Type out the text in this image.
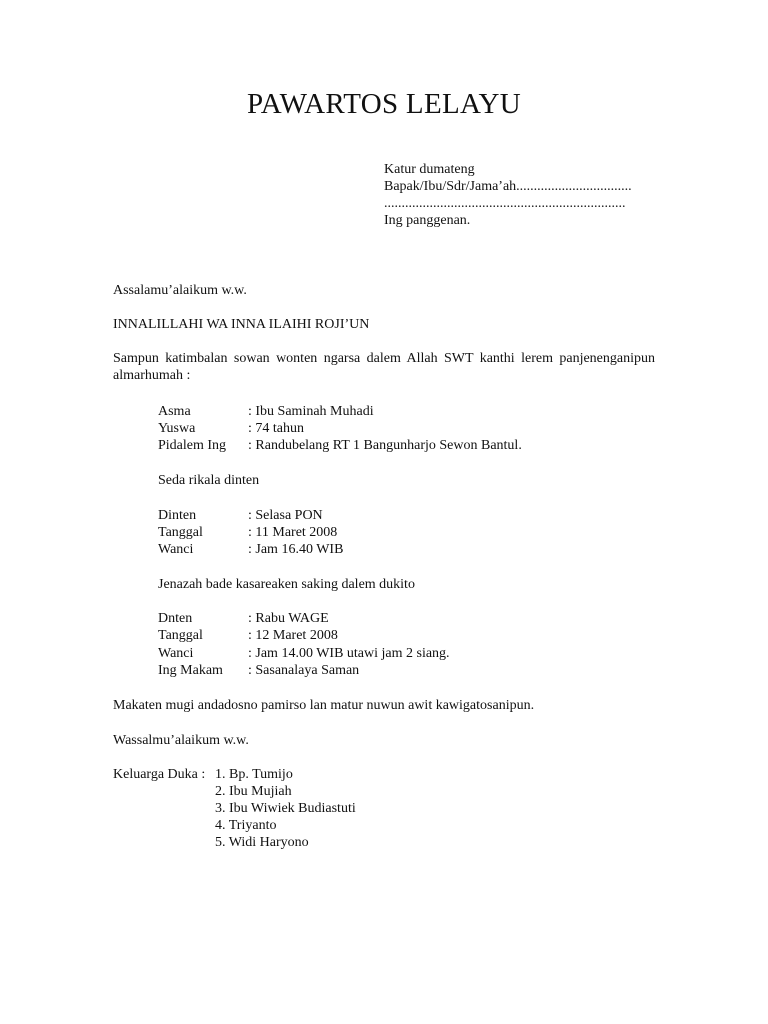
PAWARTOS LELAYU
Katur dumateng
Bapak/Ibu/Sdr/Jama’ah.................................
.....................................................................
Ing panggenan.
Assalamu’alaikum w.w.
INNALILLAHI WA INNA ILAIHI ROJI’UN
Sampun katimbalan sowan wonten ngarsa dalem Allah SWT kanthi lerem panjenenganipun almarhumah :
Asma	: Ibu Saminah Muhadi
Yuswa	: 74 tahun
Pidalem Ing : Randubelang RT 1 Bangunharjo Sewon Bantul.
Seda rikala dinten
Dinten	: Selasa PON
Tanggal	: 11 Maret 2008
Wanci	: Jam 16.40 WIB
Jenazah bade kasareaken saking dalem dukito
Dnten	: Rabu WAGE
Tanggal	: 12 Maret 2008
Wanci	: Jam 14.00 WIB utawi jam 2 siang.
Ing Makam : Sasanalaya Saman
Makaten mugi andadosno pamirso lan matur nuwun awit kawigatosanipun.
Wassalmu’alaikum w.w.
Keluarga Duka :1. Bp. Tumijo
2. Ibu Mujiah
3. Ibu Wiwiek Budiastuti
4. Triyanto
5. Widi Haryono
